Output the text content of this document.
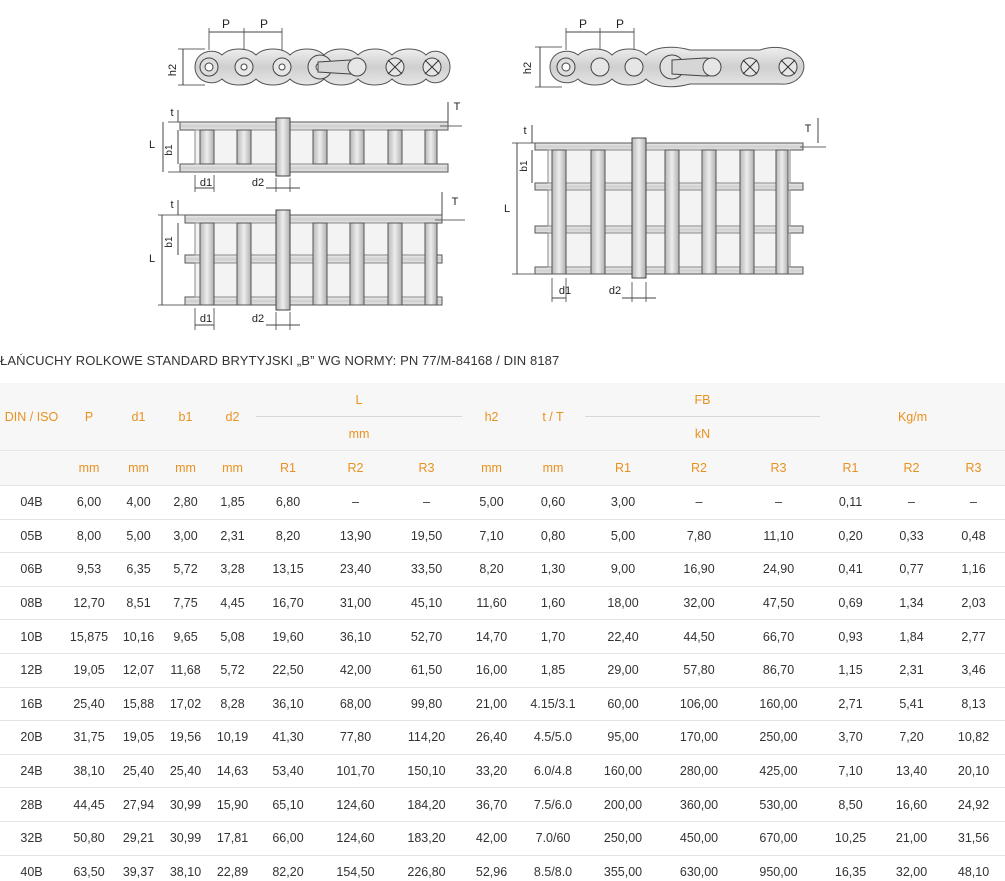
P P
h2
P P
h2
L b1
t	T
d1	d2
L
b1
t	T
d1	d2
L
b1
t	T
d1	d2
ŁAŃCUCHY ROLKOWE STANDARD BRYTYJSKI „B” WG NORMY: PN 77/M-84168 / DIN 8187
DIN / ISO	P	d1	b1	d2	L			h2	t / T	FB			Kg/m		
					mm					kN					
	mm	mm	mm	mm	R1	R2	R3	mm	mm	R1	R2	R3	R1	R2	R3
04B	6,00	4,00	2,80	1,85	6,80	–	–	5,00	0,60	3,00	–	–	0,11	–	–
05B	8,00	5,00	3,00	2,31	8,20	13,90	19,50	7,10	0,80	5,00	7,80	11,10	0,20	0,33	0,48
06B	9,53	6,35	5,72	3,28	13,15	23,40	33,50	8,20	1,30	9,00	16,90	24,90	0,41	0,77	1,16
08B	12,70	8,51	7,75	4,45	16,70	31,00	45,10	11,60	1,60	18,00	32,00	47,50	0,69	1,34	2,03
10B	15,875	10,16	9,65	5,08	19,60	36,10	52,70	14,70	1,70	22,40	44,50	66,70	0,93	1,84	2,77
12B	19,05	12,07	11,68	5,72	22,50	42,00	61,50	16,00	1,85	29,00	57,80	86,70	1,15	2,31	3,46
16B	25,40	15,88	17,02	8,28	36,10	68,00	99,80	21,00	4.15/3.1	60,00	106,00	160,00	2,71	5,41	8,13
20B	31,75	19,05	19,56	10,19	41,30	77,80	114,20	26,40	4.5/5.0	95,00	170,00	250,00	3,70	7,20	10,82
24B	38,10	25,40	25,40	14,63	53,40	101,70	150,10	33,20	6.0/4.8	160,00	280,00	425,00	7,10	13,40	20,10
28B	44,45	27,94	30,99	15,90	65,10	124,60	184,20	36,70	7.5/6.0	200,00	360,00	530,00	8,50	16,60	24,92
32B	50,80	29,21	30,99	17,81	66,00	124,60	183,20	42,00	7.0/60	250,00	450,00	670,00	10,25	21,00	31,56
40B	63,50	39,37	38,10	22,89	82,20	154,50	226,80	52,96	8.5/8.0	355,00	630,00	950,00	16,35	32,00	48,10
